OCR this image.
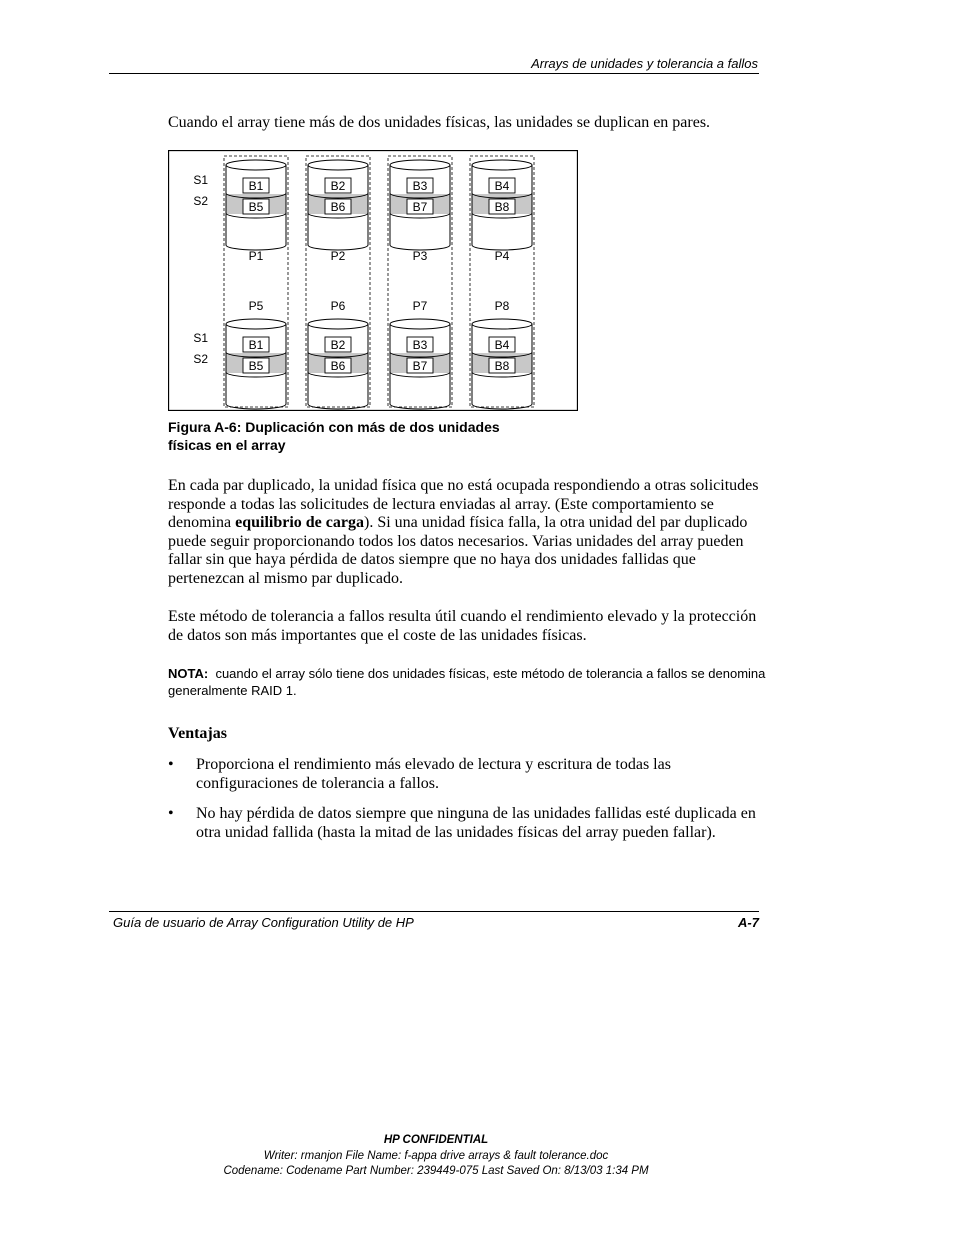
Arrays de unidades y tolerancia a fallos
Cuando el array tiene más de dos unidades físicas, las unidades se duplican en pares.
S1
S2
S1
S2
B1
B5
P1
B2
B6
P2
B3
B7
P3
B4
B8
P4
B1
B5
P5
B2
B6
P6
B3
B7
P7
B4
B8
P8
Figura A-6: Duplicación con más de dos unidades
físicas en el array
En cada par duplicado, la unidad física que no está ocupada respondiendo a otras solicitudes responde a todas las solicitudes de lectura enviadas al array. (Este comportamiento se denomina equilibrio de carga). Si una unidad física falla, la otra unidad del par duplicado puede seguir proporcionando todos los datos necesarios. Varias unidades del array pueden fallar sin que haya pérdida de datos siempre que no haya dos unidades fallidas que pertenezcan al mismo par duplicado.
Este método de tolerancia a fallos resulta útil cuando el rendimiento elevado y la protección de datos son más importantes que el coste de las unidades físicas.
NOTA: cuando el array sólo tiene dos unidades físicas, este método de tolerancia a fallos se denomina generalmente RAID 1.
Ventajas
• Proporciona el rendimiento más elevado de lectura y escritura de todas las configuraciones de tolerancia a fallos.
• No hay pérdida de datos siempre que ninguna de las unidades fallidas esté duplicada en otra unidad fallida (hasta la mitad de las unidades físicas del array pueden fallar).
Guía de usuario de Array Configuration Utility de HP	A-7
HP CONFIDENTIAL
Writer: rmanjon File Name: f-appa drive arrays & fault tolerance.doc
Codename: Codename Part Number: 239449-075 Last Saved On: 8/13/03 1:34 PM
